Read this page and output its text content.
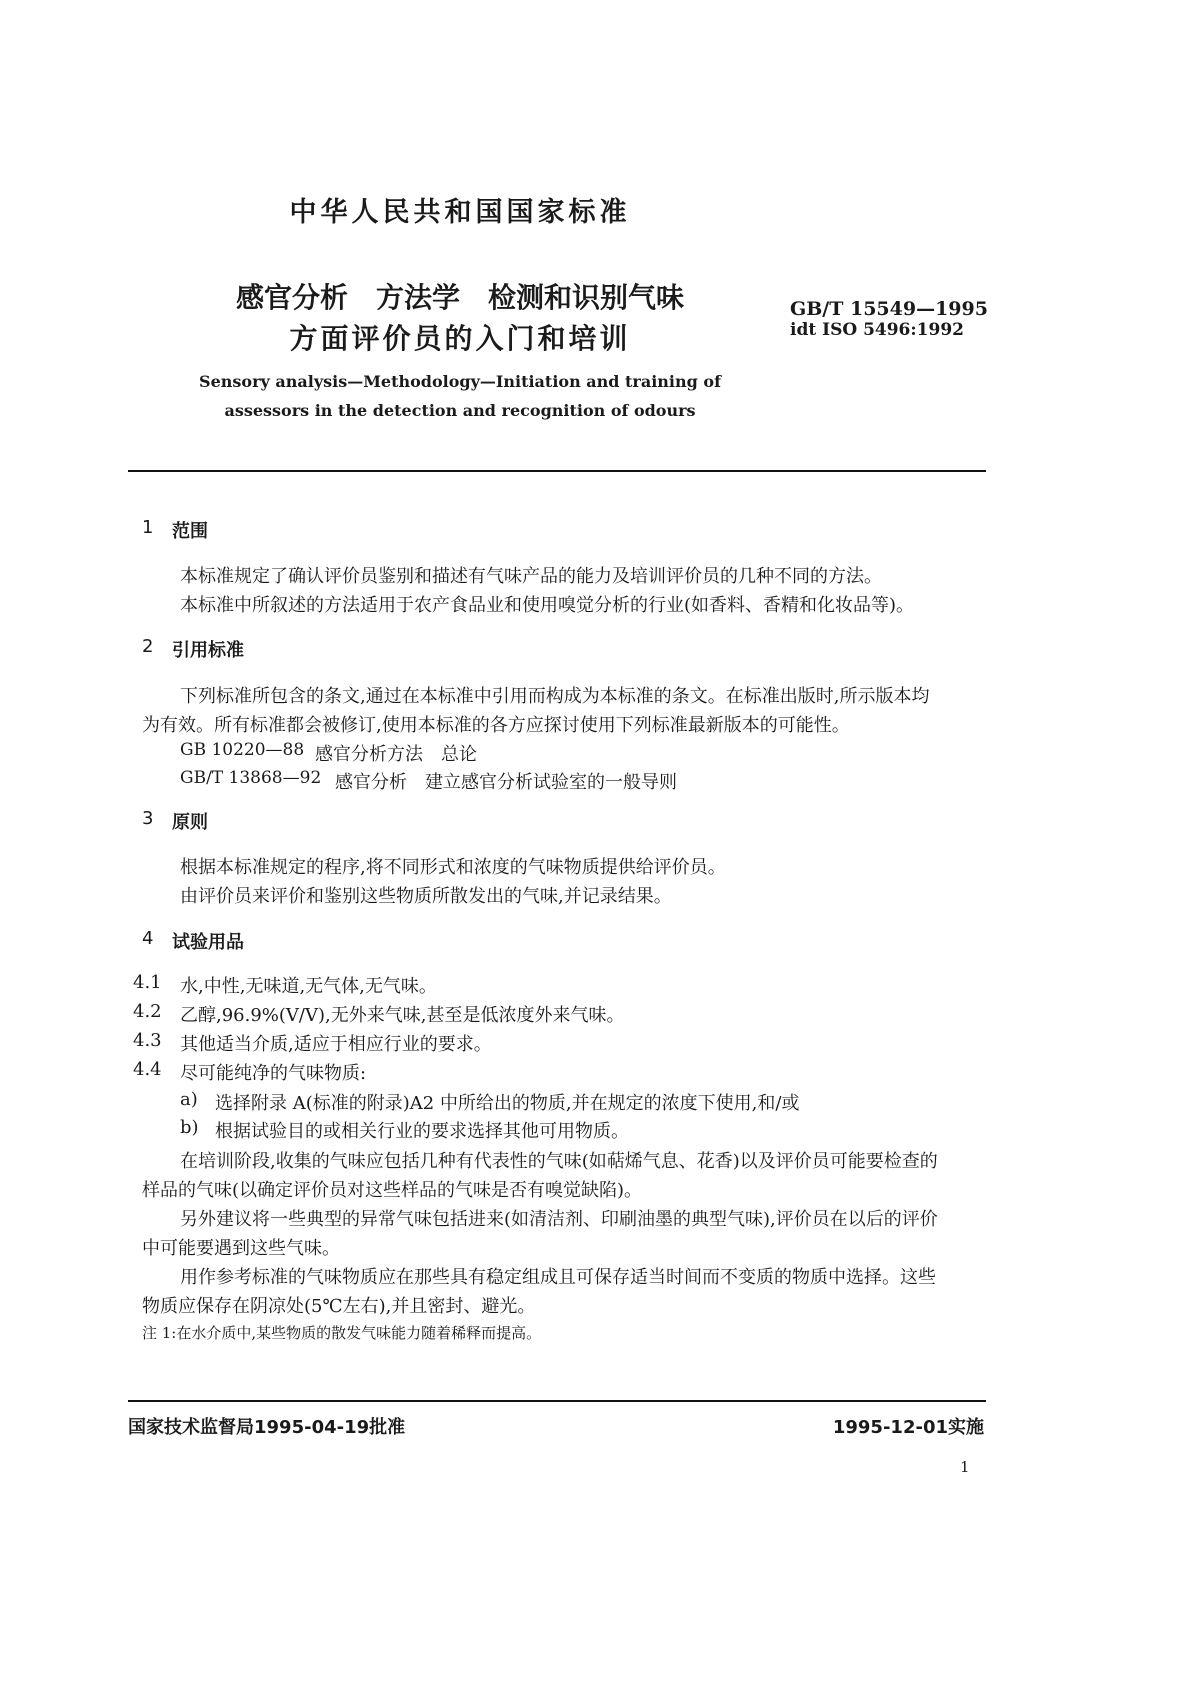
中华人民共和国国家标准
感官分析　方法学　检测和识别气味
方面评价员的入门和培训
GB/T 15549—1995
idt ISO 5496:1992
Sensory analysis—Methodology—Initiation and training of
assessors in the detection and recognition of odours
1 范围
本标准规定了确认评价员鉴别和描述有气味产品的能力及培训评价员的几种不同的方法。
本标准中所叙述的方法适用于农产食品业和使用嗅觉分析的行业(如香料、香精和化妆品等)。
2 引用标准
下列标准所包含的条文,通过在本标准中引用而构成为本标准的条文。在标准出版时,所示版本均
为有效。所有标准都会被修订,使用本标准的各方应探讨使用下列标准最新版本的可能性。
GB 10220—88 感官分析方法　总论
GB/T 13868—92 感官分析　建立感官分析试验室的一般导则
3 原则
根据本标准规定的程序,将不同形式和浓度的气味物质提供给评价员。
由评价员来评价和鉴别这些物质所散发出的气味,并记录结果。
4 试验用品
4.1 水,中性,无味道,无气体,无气味。
4.2 乙醇,96.9%(V/V),无外来气味,甚至是低浓度外来气味。
4.3 其他适当介质,适应于相应行业的要求。
4.4 尽可能纯净的气味物质:
a) 选择附录 A(标准的附录)A2 中所给出的物质,并在规定的浓度下使用,和/或
b) 根据试验目的或相关行业的要求选择其他可用物质。
在培训阶段,收集的气味应包括几种有代表性的气味(如萜烯气息、花香)以及评价员可能要检查的
样品的气味(以确定评价员对这些样品的气味是否有嗅觉缺陷)。
另外建议将一些典型的异常气味包括进来(如清洁剂、印刷油墨的典型气味),评价员在以后的评价
中可能要遇到这些气味。
用作参考标准的气味物质应在那些具有稳定组成且可保存适当时间而不变质的物质中选择。这些
物质应保存在阴凉处(5℃左右),并且密封、避光。
注 1:在水介质中,某些物质的散发气味能力随着稀释而提高。
国家技术监督局1995-04-19批准	1995-12-01实施
1
